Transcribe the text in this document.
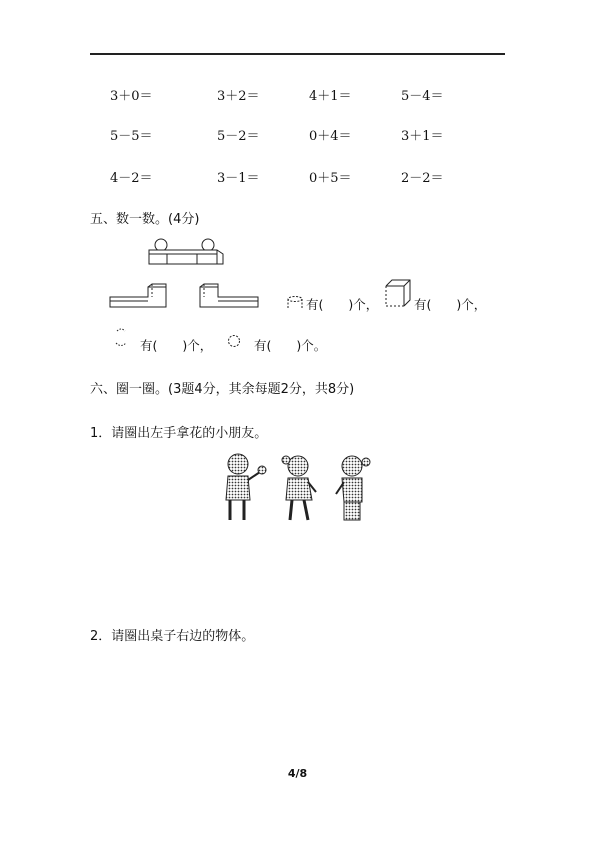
3＋0＝	3＋2＝	4＋1＝	5－4＝
5－5＝	5－2＝	0＋4＝	3＋1＝
4－2＝	3－1＝	0＋5＝	2－2＝
五、数一数。(4分)
有(　　)个，	有(　　)个，
有(　　)个，	有(　　)个。
六、圈一圈。(3题4分，其余每题2分，共8分)
1．请圈出左手拿花的小朋友。
2．请圈出桌子右边的物体。
4/8
